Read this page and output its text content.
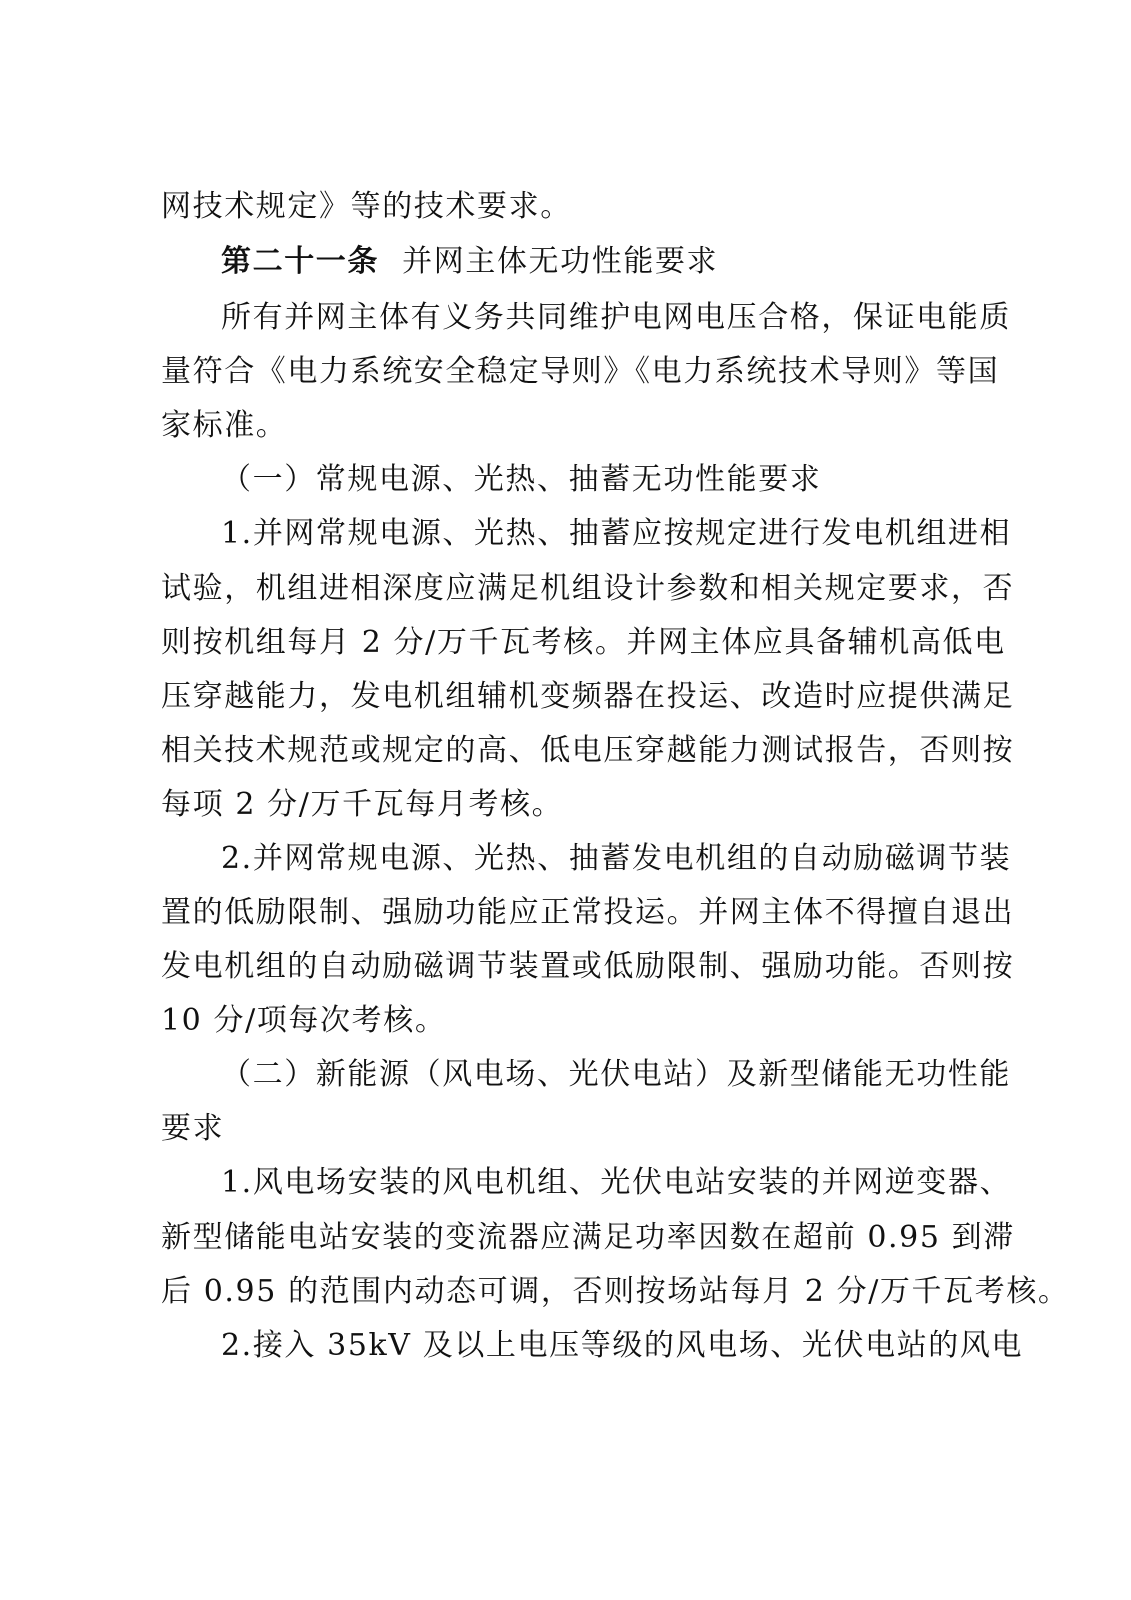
网技术规定》等的技术要求。
第二十一条 并网主体无功性能要求
所有并网主体有义务共同维护电网电压合格，保证电能质
量符合《电力系统安全稳定导则》《电力系统技术导则》等国
家标准。
（一）常规电源、光热、抽蓄无功性能要求
1.并网常规电源、光热、抽蓄应按规定进行发电机组进相
试验，机组进相深度应满足机组设计参数和相关规定要求，否
则按机组每月 2 分/万千瓦考核。并网主体应具备辅机高低电
压穿越能力，发电机组辅机变频器在投运、改造时应提供满足
相关技术规范或规定的高、低电压穿越能力测试报告，否则按
每项 2 分/万千瓦每月考核。
2.并网常规电源、光热、抽蓄发电机组的自动励磁调节装
置的低励限制、强励功能应正常投运。并网主体不得擅自退出
发电机组的自动励磁调节装置或低励限制、强励功能。否则按
10 分/项每次考核。
（二）新能源（风电场、光伏电站）及新型储能无功性能
要求
1.风电场安装的风电机组、光伏电站安装的并网逆变器、
新型储能电站安装的变流器应满足功率因数在超前 0.95 到滞
后 0.95 的范围内动态可调，否则按场站每月 2 分/万千瓦考核。
2.接入 35kV 及以上电压等级的风电场、光伏电站的风电
